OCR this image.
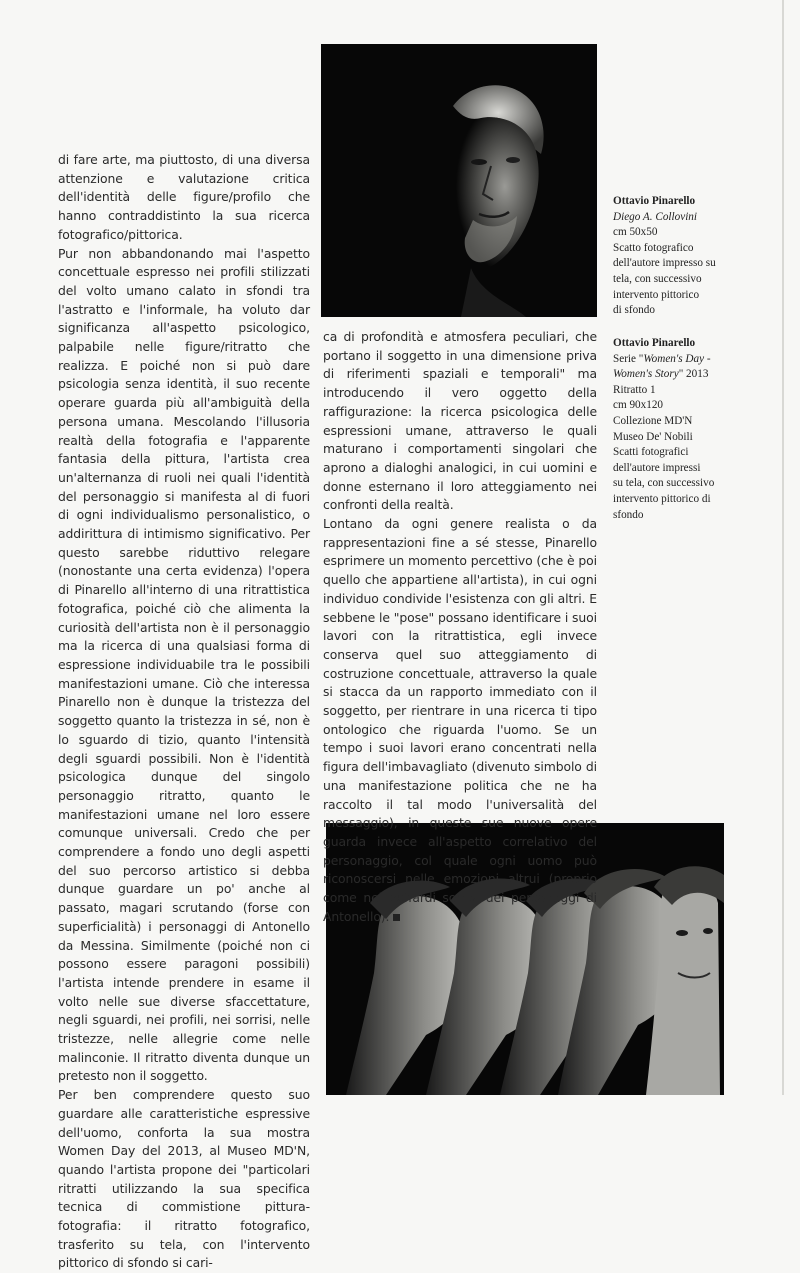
di fare arte, ma piuttosto, di una diversa attenzione e valutazione critica dell'identità delle figure/profilo che hanno contraddistinto la sua ricerca fotografico/pittorica.

Pur non abbandonando mai l'aspetto concettuale espresso nei profili stilizzati del volto umano calato in sfondi tra l'astratto e l'informale, ha voluto dar significanza all'aspetto psicologico, palpabile nelle figure/ritratto che realizza. E poiché non si può dare psicologia senza identità, il suo recente operare guarda più all'ambiguità della persona umana. Mescolando l'illusoria realtà della fotografia e l'apparente fantasia della pittura, l'artista crea un'alternanza di ruoli nei quali l'identità del personaggio si manifesta al di fuori di ogni individualismo personalistico, o addirittura di intimismo significativo. Per questo sarebbe riduttivo relegare (nonostante una certa evidenza) l'opera di Pinarello all'interno di una ritrattistica fotografica, poiché ciò che alimenta la curiosità dell'artista non è il personaggio ma la ricerca di una qualsiasi forma di espressione individuabile tra le possibili manifestazioni umane. Ciò che interessa Pinarello non è dunque la tristezza del soggetto quanto la tristezza in sé, non è lo sguardo di tizio, quanto l'intensità degli sguardi possibili. Non è l'identità psicologica dunque del singolo personaggio ritratto, quanto le manifestazioni umane nel loro essere comunque universali. Credo che per comprendere a fondo uno degli aspetti del suo percorso artistico si debba dunque guardare un po' anche al passato, magari scrutando (forse con superficialità) i personaggi di Antonello da Messina. Similmente (poiché non ci possono essere paragoni possibili) l'artista intende prendere in esame il volto nelle sue diverse sfaccettature, negli sguardi, nei profili, nei sorrisi, nelle tristezze, nelle allegrie come nelle malinconie. Il ritratto diventa dunque un pretesto non il soggetto.

Per ben comprendere questo suo guardare alle caratteristiche espressive dell'uomo, conforta la sua mostra Women Day del 2013, al Museo MD'N, quando l'artista propone dei "particolari ritratti utilizzando la sua specifica tecnica di commistione pittura-fotografia: il ritratto fotografico, trasferito su tela, con l'intervento pittorico di sfondo si cari-

ca di profondità e atmosfera peculiari, che portano il soggetto in una dimensione priva di riferimenti spaziali e temporali" ma introducendo il vero oggetto della raffigurazione: la ricerca psicologica delle espressioni umane, attraverso le quali maturano i comportamenti singolari che aprono a dialoghi analogici, in cui uomini e donne esternano il loro atteggiamento nei confronti della realtà.

Lontano da ogni genere realista o da rappresentazioni fine a sé stesse, Pinarello esprimere un momento percettivo (che è poi quello che appartiene all'artista), in cui ogni individuo condivide l'esistenza con gli altri. E sebbene le "pose" possano identificare i suoi lavori con la ritrattistica, egli invece conserva quel suo atteggiamento di costruzione concettuale, attraverso la quale si stacca da un rapporto immediato con il soggetto, per rientrare in una ricerca ti tipo ontologico che riguarda l'uomo. Se un tempo i suoi lavori erano concentrati nella figura dell'imbavagliato (divenuto simbolo di una manifestazione politica che ne ha raccolto il tal modo l'universalità del messaggio), in queste sue nuove opere guarda invece all'aspetto correlativo del personaggio, col quale ogni uomo può riconoscersi nelle emozioni altrui (proprio come nei beffardi sorrisi dei personaggi di Antonello).

Ottavio Pinarello
Diego A. Collovini
cm 50x50
Scatto fotografico
dell'autore impresso su
tela, con successivo
intervento pittorico
di sfondo
Ottavio Pinarello
Serie "Women's Day - Women's Story" 2013
Ritratto 1
cm 90x120
Collezione MD'N
Museo De' Nobili
Scatti fotografici
dell'autore impressi
su tela, con successivo
intervento pittorico di
sfondo
